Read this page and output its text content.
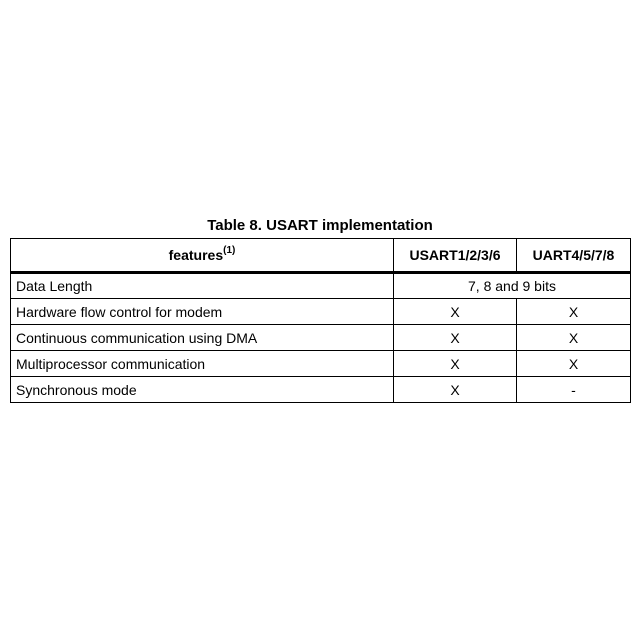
Table 8. USART implementation
features$^{(1)}$	USART1/2/3/6	UART4/5/7/8
Data Length	7, 8 and 9 bits	
Hardware flow control for modem	X	X
Continuous communication using DMA	X	X
Multiprocessor communication	X	X
Synchronous mode	X	-
